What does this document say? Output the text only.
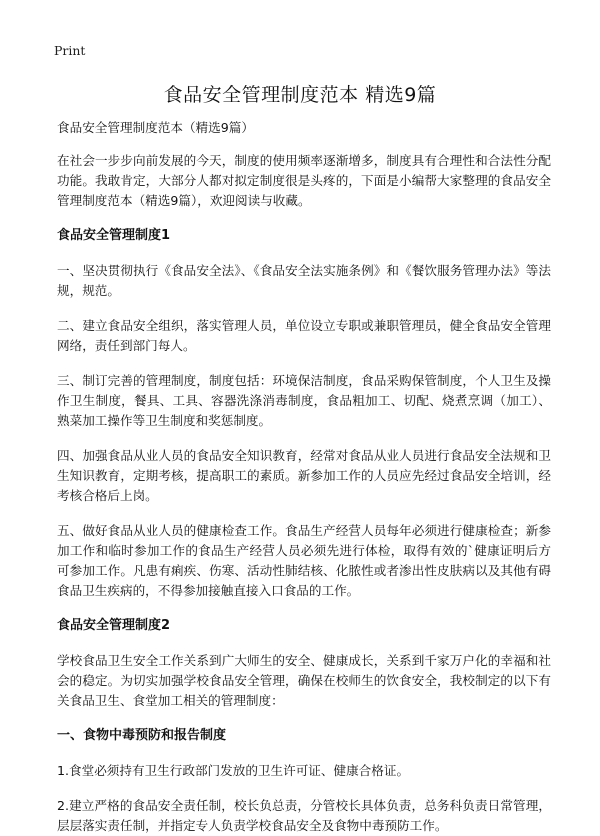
Print
食品安全管理制度范本 精选9篇

食品安全管理制度范本（精选9篇）

在社会一步步向前发展的今天，制度的使用频率逐渐增多，制度具有合理性和合法性分配功能。我敢肯定，大部分人都对拟定制度很是头疼的，下面是小编帮大家整理的食品安全管理制度范本（精选9篇），欢迎阅读与收藏。

食品安全管理制度1

一、坚决贯彻执行《食品安全法》、《食品安全法实施条例》和《餐饮服务管理办法》等法规，规范。

二、建立食品安全组织，落实管理人员，单位设立专职或兼职管理员，健全食品安全管理网络，责任到部门每人。

三、制订完善的管理制度，制度包括：环境保洁制度，食品采购保管制度，个人卫生及操作卫生制度，餐具、工具、容器洗涤消毒制度，食品粗加工、切配、烧煮烹调（加工）、熟菜加工操作等卫生制度和奖惩制度。

四、加强食品从业人员的食品安全知识教育，经常对食品从业人员进行食品安全法规和卫生知识教育，定期考核，提高职工的素质。新参加工作的人员应先经过食品安全培训，经考核合格后上岗。

五、做好食品从业人员的健康检查工作。食品生产经营人员每年必须进行健康检查；新参加工作和临时参加工作的食品生产经营人员必须先进行体检，取得有效的`健康证明后方可参加工作。凡患有痢疾、伤寒、活动性肺结核、化脓性或者渗出性皮肤病以及其他有碍食品卫生疾病的，不得参加接触直接入口食品的工作。

食品安全管理制度2

学校食品卫生安全工作关系到广大师生的安全、健康成长，关系到千家万户化的幸福和社会的稳定。为切实加强学校食品安全管理，确保在校师生的饮食安全，我校制定的以下有关食品卫生、食堂加工相关的管理制度：

一、食物中毒预防和报告制度

1.食堂必须持有卫生行政部门发放的卫生许可证、健康合格证。

2.建立严格的食品安全责任制，校长负总责，分管校长具体负责，总务科负责日常管理，层层落实责任制，并指定专人负责学校食品安全及食物中毒预防工作。
